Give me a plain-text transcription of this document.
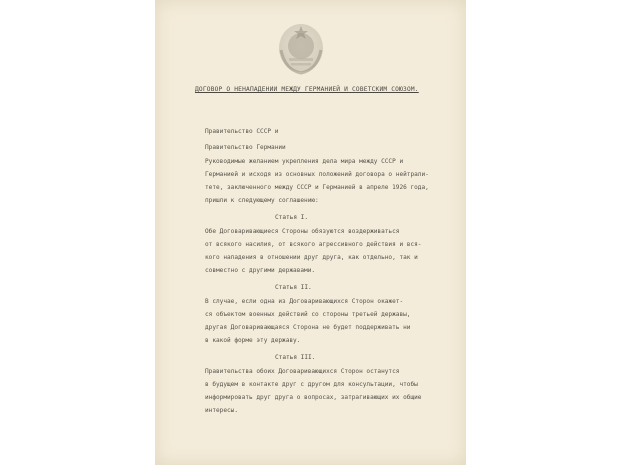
ДОГОВОР О НЕНАПАДЕНИИ МЕЖДУ ГЕРМАНИЕЙ И СОВЕТСКИМ СОЮЗОМ.

Правительство СССР и

Правительство Германии

Руководимые желанием укрепления дела мира между СССР и

Германией и исходя из основных положений договора о нейтрали-

тете, заключенного между СССР и Германией в апреле 1926 года,

пришли к следующему соглашению:

Статья I.

Обе Договаривающиеся Стороны обязуются воздерживаться

от всякого насилия, от всякого агрессивного действия и вся-

кого нападения в отношении друг друга, как отдельно, так и

совместно с другими державами.

Статья II.

В случае, если одна из Договаривающихся Сторон окажет-

ся объектом военных действий со стороны третьей державы,

другая Договаривающаяся Сторона не будет поддерживать ни

в какой форме эту державу.

Статья III.

Правительства обоих Договаривающихся Сторон останутся

в будущем в контакте друг с другом для консультации, чтобы

информировать друг друга о вопросах, затрагивающих их общие

интересы.
